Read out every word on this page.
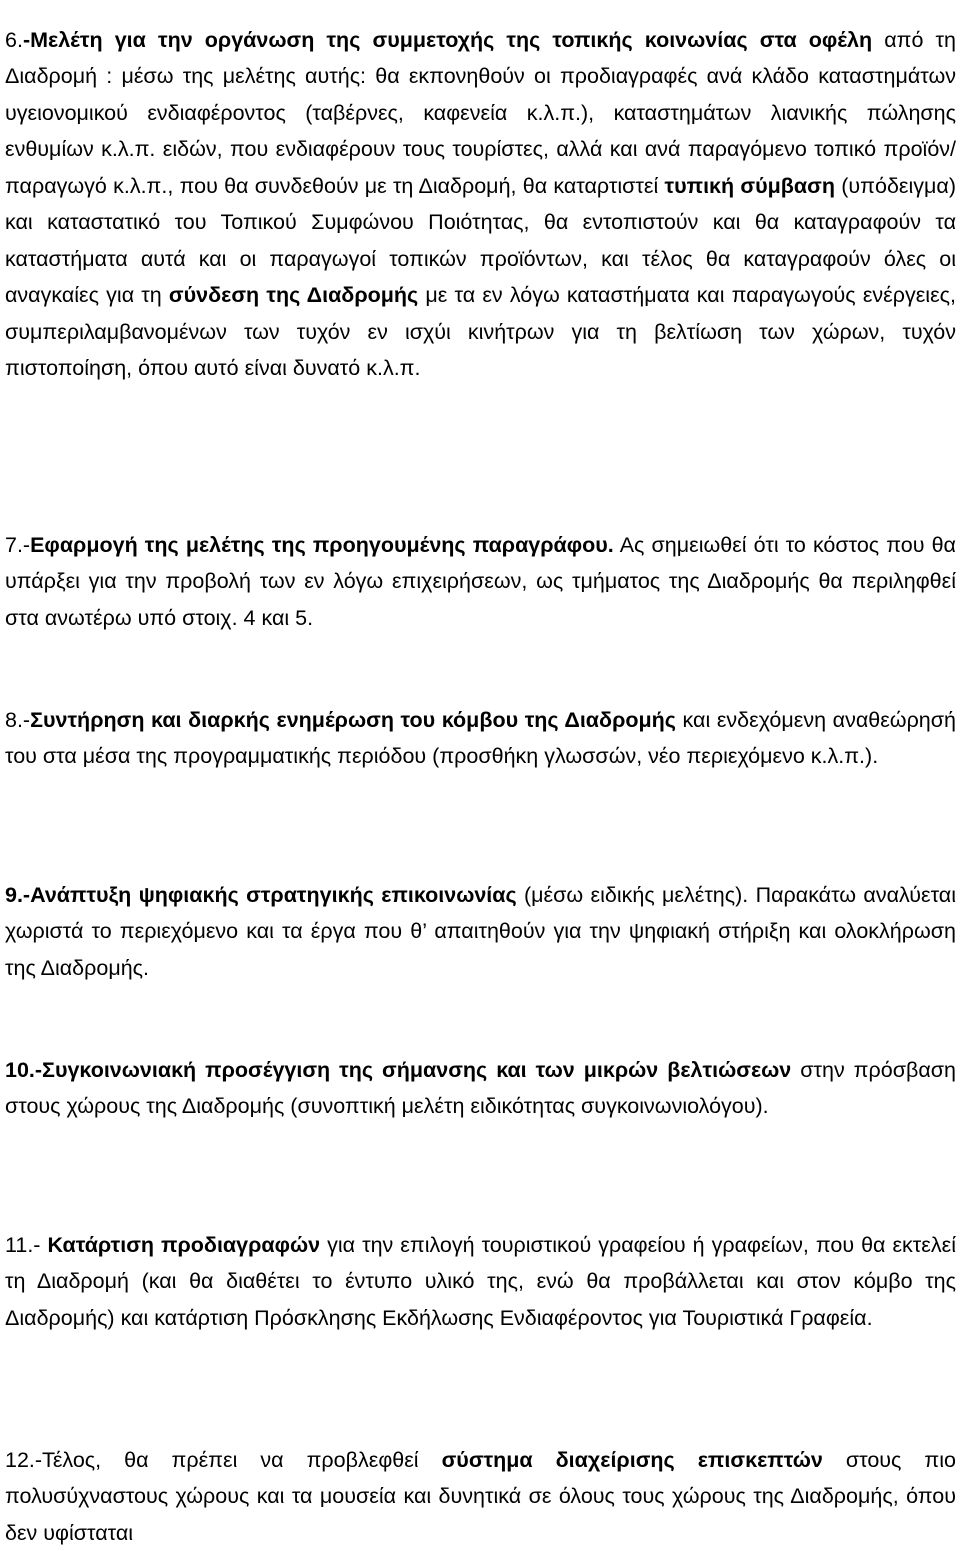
6.-Μελέτη για την οργάνωση της συμμετοχής της τοπικής κοινωνίας στα οφέλη από τη Διαδρομή : μέσω της μελέτης αυτής: θα εκπονηθούν οι προδιαγραφές ανά κλάδο καταστημάτων υγειονομικού ενδιαφέροντος (ταβέρνες, καφενεία κ.λ.π.), καταστημάτων λιανικής πώλησης ενθυμίων κ.λ.π. ειδών, που ενδιαφέρουν τους τουρίστες, αλλά και ανά παραγόμενο τοπικό προϊόν/παραγωγό κ.λ.π., που θα συνδεθούν με τη Διαδρομή, θα καταρτιστεί τυπική σύμβαση (υπόδειγμα) και καταστατικό του Τοπικού Συμφώνου Ποιότητας, θα εντοπιστούν και θα καταγραφούν τα καταστήματα αυτά και οι παραγωγοί τοπικών προϊόντων, και τέλος θα καταγραφούν όλες οι αναγκαίες για τη σύνδεση της Διαδρομής με τα εν λόγω καταστήματα και παραγωγούς ενέργειες, συμπεριλαμβανομένων των τυχόν εν ισχύι κινήτρων για τη βελτίωση των χώρων, τυχόν πιστοποίηση, όπου αυτό είναι δυνατό κ.λ.π.

7.-Εφαρμογή της μελέτης της προηγουμένης παραγράφου. Ας σημειωθεί ότι το κόστος που θα υπάρξει για την προβολή των εν λόγω επιχειρήσεων, ως τμήματος της Διαδρομής θα περιληφθεί στα ανωτέρω υπό στοιχ. 4 και 5.

8.-Συντήρηση και διαρκής ενημέρωση του κόμβου της Διαδρομής και ενδεχόμενη αναθεώρησή του στα μέσα της προγραμματικής περιόδου (προσθήκη γλωσσών, νέο περιεχόμενο κ.λ.π.).

9.-Ανάπτυξη ψηφιακής στρατηγικής επικοινωνίας (μέσω ειδικής μελέτης). Παρακάτω αναλύεται χωριστά το περιεχόμενο και τα έργα που θ’ απαιτηθούν για την ψηφιακή στήριξη και ολοκλήρωση της Διαδρομής.

10.-Συγκοινωνιακή προσέγγιση της σήμανσης και των μικρών βελτιώσεων στην πρόσβαση στους χώρους της Διαδρομής (συνοπτική μελέτη ειδικότητας συγκοινωνιολόγου).

11.- Κατάρτιση προδιαγραφών για την επιλογή τουριστικού γραφείου ή γραφείων, που θα εκτελεί τη Διαδρομή (και θα διαθέτει το έντυπο υλικό της, ενώ θα προβάλλεται και στον κόμβο της Διαδρομής) και κατάρτιση Πρόσκλησης Εκδήλωσης Ενδιαφέροντος για Τουριστικά Γραφεία.

12.-Τέλος, θα πρέπει να προβλεφθεί σύστημα διαχείρισης επισκεπτών στους πιο πολυσύχναστους χώρους και τα μουσεία και δυνητικά σε όλους τους χώρους της Διαδρομής, όπου δεν υφίσταται
